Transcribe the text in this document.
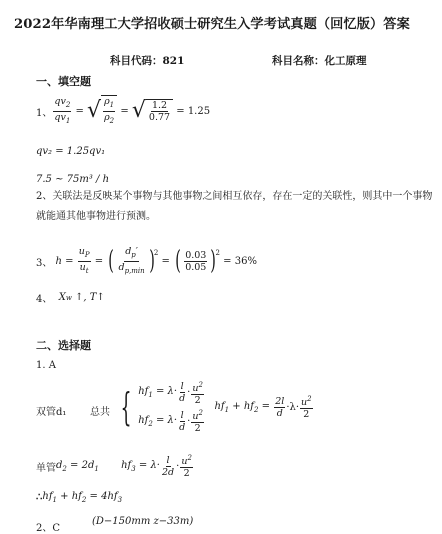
2022年华南理工大学招收硕士研究生入学考试真题（回忆版）答案
科目代码：821	科目名称：化工原理
一、填空题
1、 $\frac{qv_2}{qv_1}$ = √ $\frac{\rho_1}{\rho_2}$ = √ $\frac{1.2}{0.77}$
= 1.25
qv₂ = 1.25qv₁
7.5 ~ 75m³ / h
2、关联法是反映某个事物与其他事物之间相互依存，存在一定的关联性，则其中一个事物就能通其他事物进行预测。
3、 $h = \frac{u_P}{u_t}$ = ( $\frac{d_p'}{d_{p,min}}$ ) 2
= ( $\frac{0.03}{0.05}$ ) 2

= 36%
4、
X w
↑, T↑
二、选择题
1. A
双管d₁ 总共 { $hf_1 = \lambda\cdot \frac{l}{d} \cdot \frac{u^2}{2}$
$hf_2 = \lambda\cdot \frac{l}{d} \cdot \frac{u^2}{2}$
$hf_1 + hf_2 = \frac{2l}{d} \cdot\lambda\cdot \frac{u^2}{2}$
单管 $d_2 = 2d_1$ $hf_3 = \lambda\cdot \frac{l}{2d} \cdot \frac{u^2}{2}$
∴ $hf_1 + hf_2 = 4hf_3$
2、C
(D−150mm z−33m)
